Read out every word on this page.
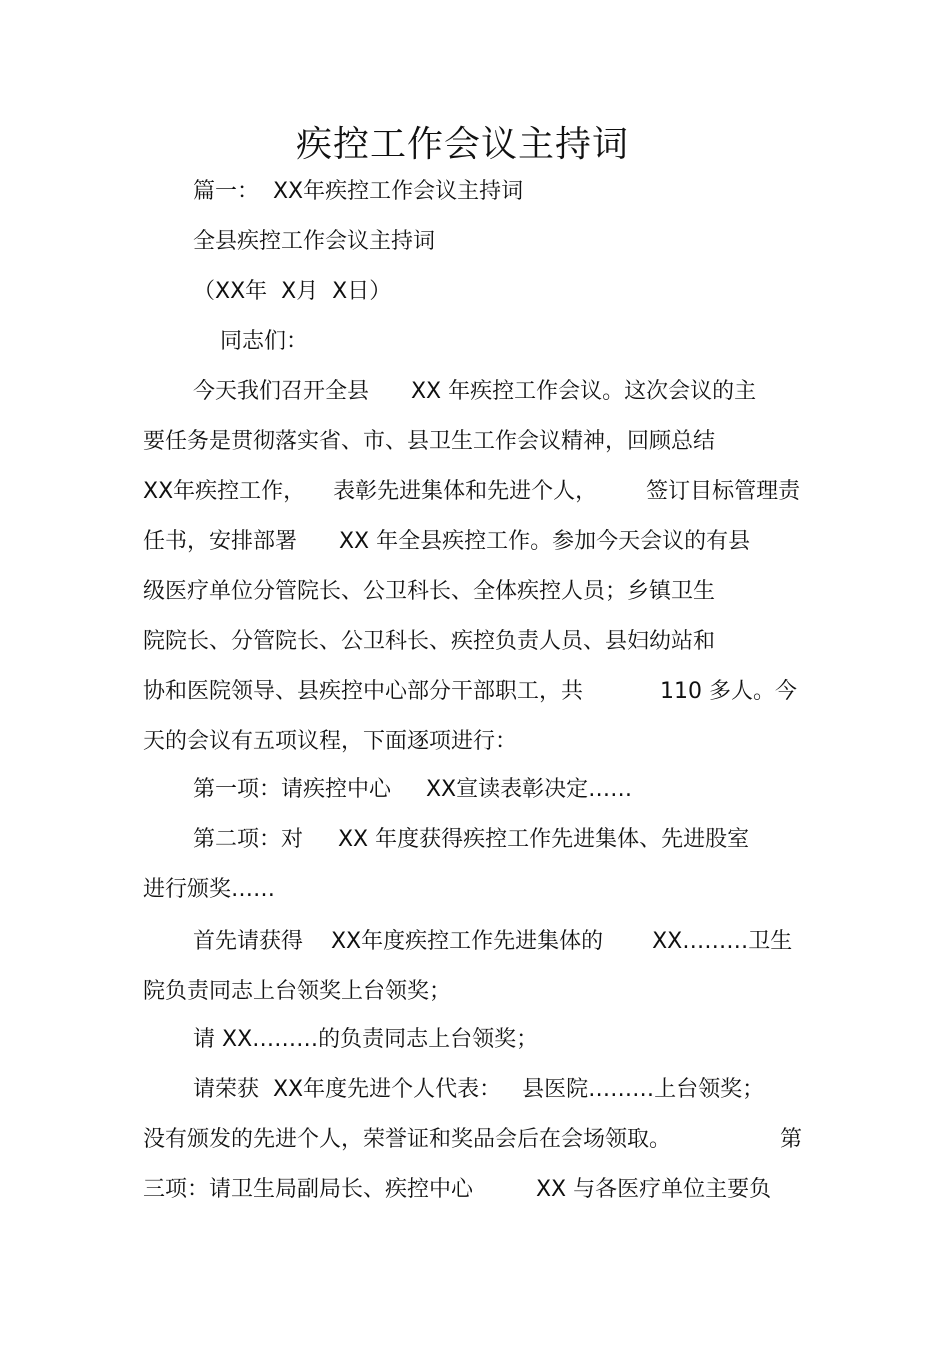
疾控工作会议主持词

篇一：  XX年疾控工作会议主持词

全县疾控工作会议主持词

（XX年  X月  X日）

同志们：

今天我们召开全县      XX 年疾控工作会议。这次会议的主

要任务是贯彻落实省、市、县卫生工作会议精神，回顾总结

XX年疾控工作，    表彰先进集体和先进个人，       签订目标管理责

任书，安排部署      XX 年全县疾控工作。参加今天会议的有县

级医疗单位分管院长、公卫科长、全体疾控人员；乡镇卫生

院院长、分管院长、公卫科长、疾控负责人员、县妇幼站和

协和医院领导、县疾控中心部分干部职工，共	110 多人。今

天的会议有五项议程，下面逐项进行：

第一项：请疾控中心     XX宣读表彰决定……

第二项：对     XX 年度获得疾控工作先进集体、先进股室

进行颁奖……

首先请获得    XX年度疾控工作先进集体的       XX………卫生

院负责同志上台领奖上台领奖；

请 XX………的负责同志上台领奖；

请荣获  XX年度先进个人代表：   县医院………上台领奖；

没有颁发的先进个人，荣誉证和奖品会后在会场领取。	第

三项：请卫生局副局长、疾控中心         XX 与各医疗单位主要负
